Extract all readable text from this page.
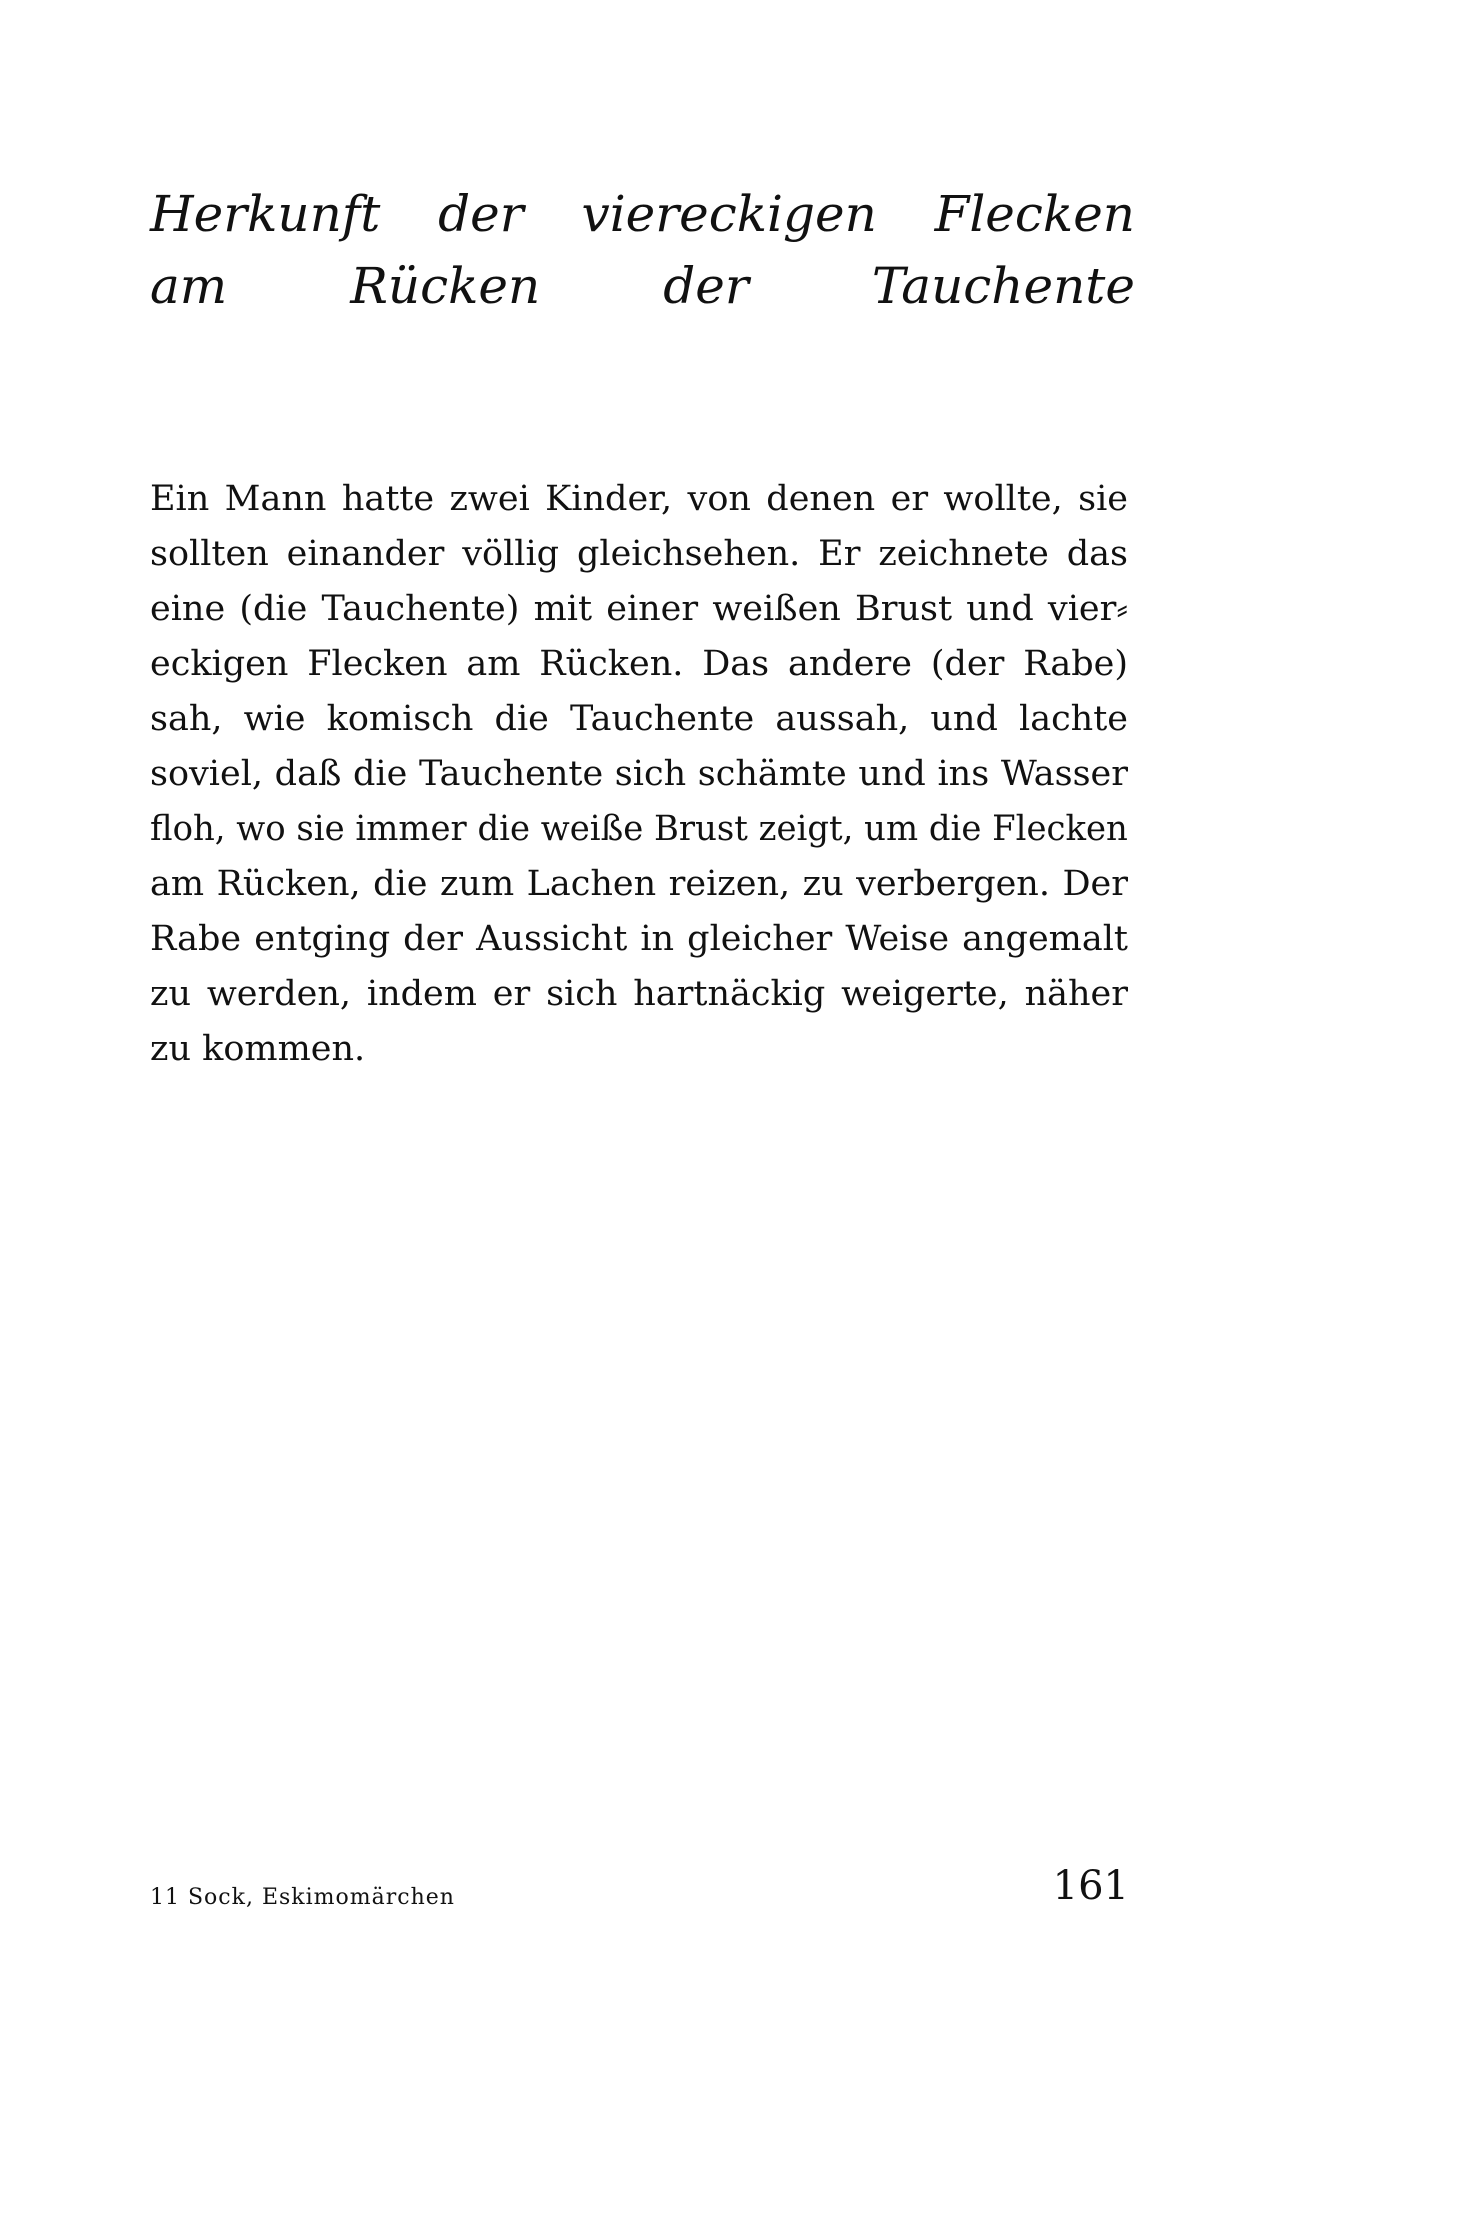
Herkunft der viereckigen Flecken
am Rücken der Tauchente
Ein Mann hatte zwei Kinder, von denen er wollte, sie
sollten einander völlig gleichsehen. Er zeichnete das
eine (die Tauchente) mit einer weißen Brust und vier⸗
eckigen Flecken am Rücken. Das andere (der Rabe)
sah, wie komisch die Tauchente aussah, und lachte
soviel, daß die Tauchente sich schämte und ins Wasser
floh, wo sie immer die weiße Brust zeigt, um die Flecken
am Rücken, die zum Lachen reizen, zu verbergen. Der
Rabe entging der Aussicht in gleicher Weise angemalt
zu werden, indem er sich hartnäckig weigerte, näher
zu kommen.

11 Sock, Eskimomärchen	161
